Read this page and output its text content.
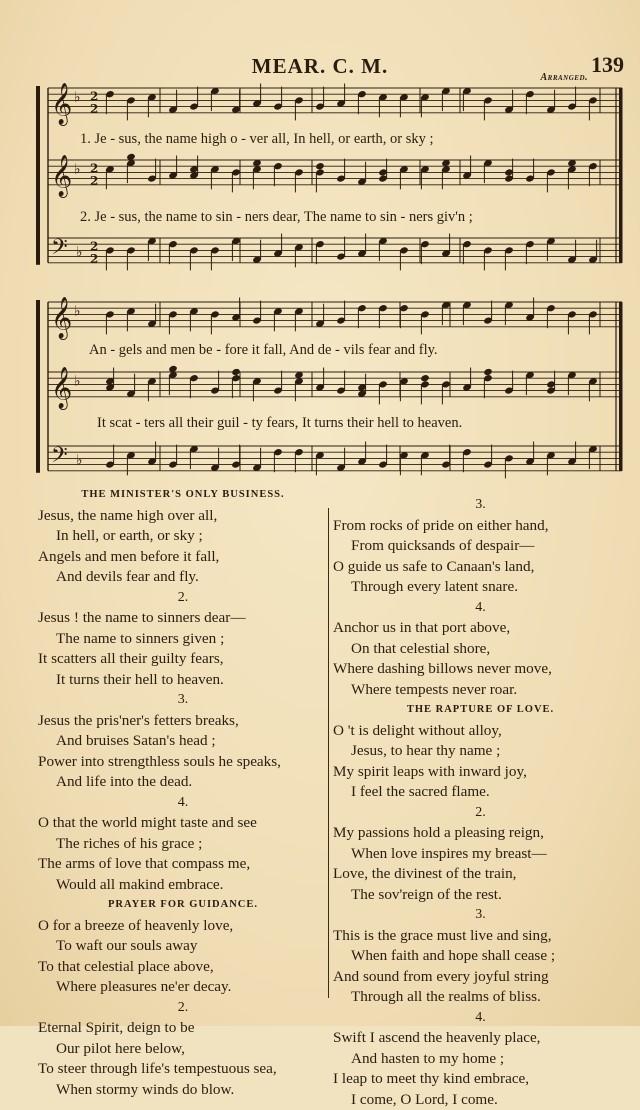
MEAR. C. M.	139
Arranged.
𝄞 ♭ 2
2
𝄞 ♭ 2
2
𝄢 ♭ 2
2
𝄞 ♭
𝄞 ♭
𝄢 ♭
1. Je - sus, the name high o - ver all, In hell, or earth, or sky ;
2. Je - sus, the name to sin - ners dear, The name to sin - ners giv'n ;
An - gels and men be - fore it fall, And de - vils fear and fly.
It scat - ters all their guil - ty fears, It turns their hell to heaven.
THE MINISTER'S ONLY BUSINESS.
Jesus, the name high over all,
In hell, or earth, or sky ;
Angels and men before it fall,
And devils fear and fly.
2.
Jesus ! the name to sinners dear—
The name to sinners given ;
It scatters all their guilty fears,
It turns their hell to heaven.
3.
Jesus the pris'ner's fetters breaks,
And bruises Satan's head ;
Power into strengthless souls he speaks,
And life into the dead.
4.
O that the world might taste and see
The riches of his grace ;
The arms of love that compass me,
Would all makind embrace.
PRAYER FOR GUIDANCE.
O for a breeze of heavenly love,
To waft our souls away
To that celestial place above,
Where pleasures ne'er decay.
2.
Eternal Spirit, deign to be
Our pilot here below,
To steer through life's tempestuous sea,
When stormy winds do blow.
3.
From rocks of pride on either hand,
From quicksands of despair—
O guide us safe to Canaan's land,
Through every latent snare.
4.
Anchor us in that port above,
On that celestial shore,
Where dashing billows never move,
Where tempests never roar.
THE RAPTURE OF LOVE.
O 't is delight without alloy,
Jesus, to hear thy name ;
My spirit leaps with inward joy,
I feel the sacred flame.
2.
My passions hold a pleasing reign,
When love inspires my breast—
Love, the divinest of the train,
The sov'reign of the rest.
3.
This is the grace must live and sing,
When faith and hope shall cease ;
And sound from every joyful string
Through all the realms of bliss.
4.
Swift I ascend the heavenly place,
And hasten to my home ;
I leap to meet thy kind embrace,
I come, O Lord, I come.
